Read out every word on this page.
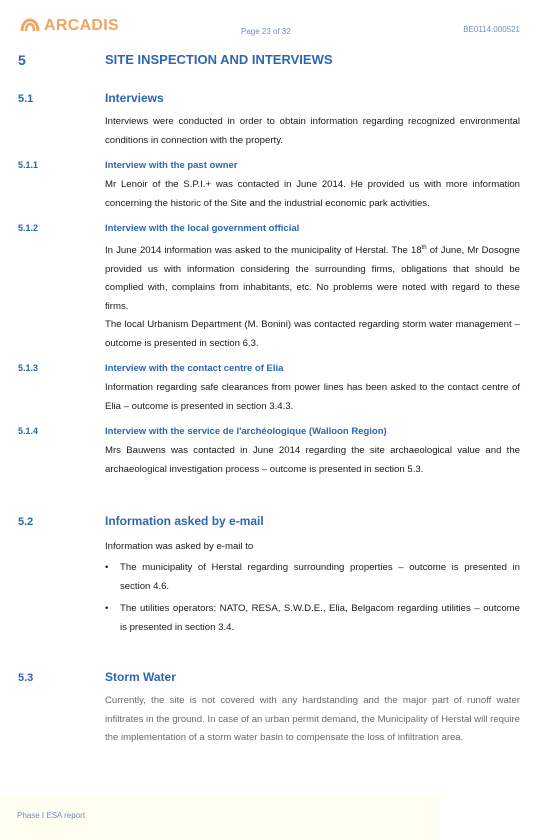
ARCADIS	Page 23 of 32	BE0114.000521
5	SITE INSPECTION AND INTERVIEWS
5.1	Interviews

Interviews were conducted in order to obtain information regarding recognized environmental conditions in connection with the property.

5.1.1	Interview with the past owner

Mr Lenoir of the S.P.I.+ was contacted in June 2014. He provided us with more information concerning the historic of the Site and the industrial economic park activities.

5.1.2	Interview with the local government official

In June 2014 information was asked to the municipality of Herstal. The 18th of June, Mr Dosogne provided us with information considering the surrounding firms, obligations that should be complied with, complains from inhabitants, etc. No problems were noted with regard to these firms.

The local Urbanism Department (M. Bonini) was contacted regarding storm water management – outcome is presented in section 6.3.

5.1.3	Interview with the contact centre of Elia

Information regarding safe clearances from power lines has been asked to the contact centre of Elia – outcome is presented in section 3.4.3.

5.1.4	Interview with the service de l'archéologique (Walloon Region)

Mrs Bauwens was contacted in June 2014 regarding the site archaeological value and the archaeological investigation process – outcome is presented in section 5.3.

5.2	Information asked by e-mail

Information was asked by e-mail to

• The municipality of Herstal regarding surrounding properties – outcome is presented in section 4.6.
• The utilities operators: NATO, RESA, S.W.D.E., Elia, Belgacom regarding utilities – outcome is presented in section 3.4.
5.3	Storm Water

Currently, the site is not covered with any hardstanding and the major part of runoff water infiltrates in the ground. In case of an urban permit demand, the Municipality of Herstal will require the implementation of a storm water basin to compensate the loss of infiltration area.

Phase I ESA report
